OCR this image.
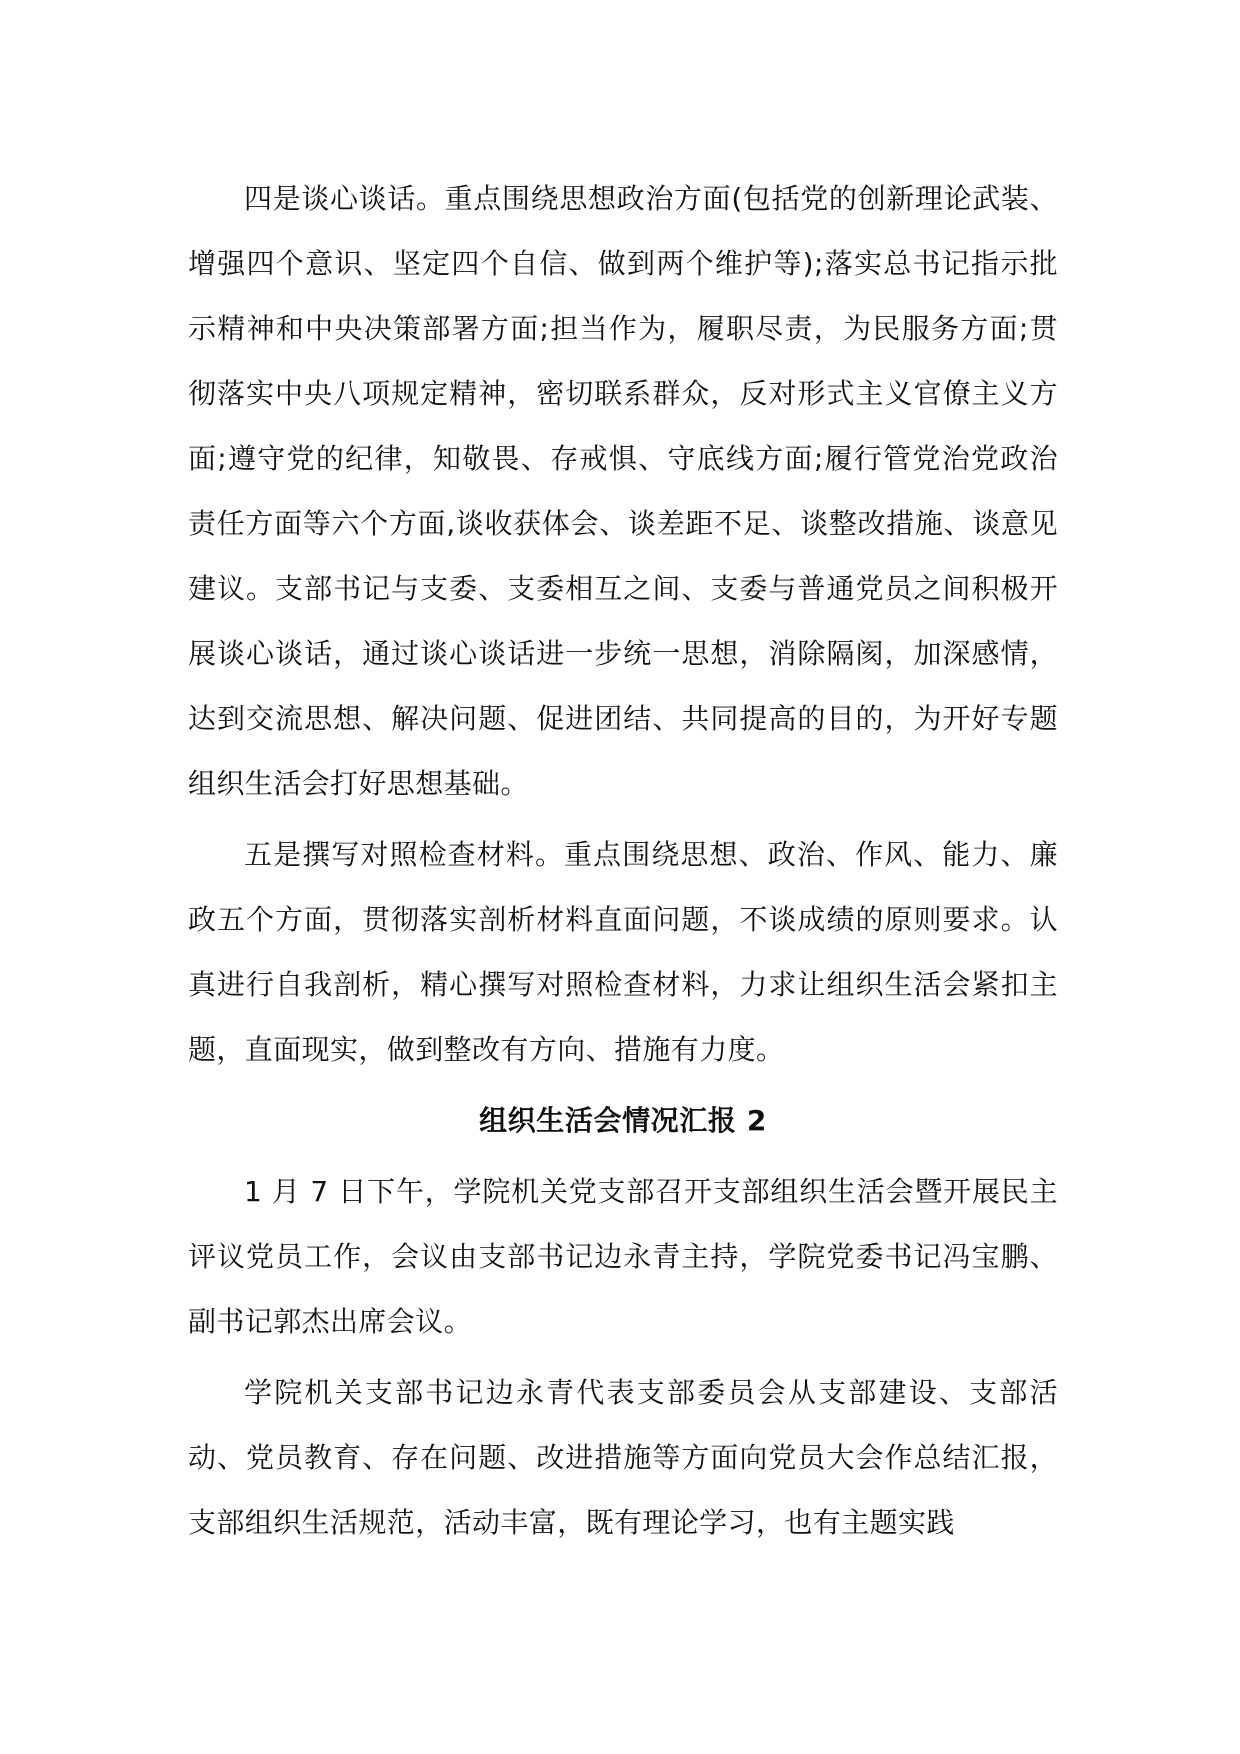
四是谈心谈话。重点围绕思想政治方面(包括党的创新理论武装、增强四个意识、坚定四个自信、做到两个维护等);落实总书记指示批示精神和中央决策部署方面;担当作为，履职尽责，为民服务方面;贯彻落实中央八项规定精神，密切联系群众，反对形式主义官僚主义方面;遵守党的纪律，知敬畏、存戒惧、守底线方面;履行管党治党政治责任方面等六个方面,谈收获体会、谈差距不足、谈整改措施、谈意见建议。支部书记与支委、支委相互之间、支委与普通党员之间积极开展谈心谈话，通过谈心谈话进一步统一思想，消除隔阂，加深感情，达到交流思想、解决问题、促进团结、共同提高的目的，为开好专题组织生活会打好思想基础。

五是撰写对照检查材料。重点围绕思想、政治、作风、能力、廉政五个方面，贯彻落实剖析材料直面问题，不谈成绩的原则要求。认真进行自我剖析，精心撰写对照检查材料，力求让组织生活会紧扣主题，直面现实，做到整改有方向、措施有力度。

组织生活会情况汇报 2

1 月 7 日下午，学院机关党支部召开支部组织生活会暨开展民主评议党员工作，会议由支部书记边永青主持，学院党委书记冯宝鹏、副书记郭杰出席会议。

学院机关支部书记边永青代表支部委员会从支部建设、支部活动、党员教育、存在问题、改进措施等方面向党员大会作总结汇报，支部组织生活规范，活动丰富，既有理论学习，也有主题实践
